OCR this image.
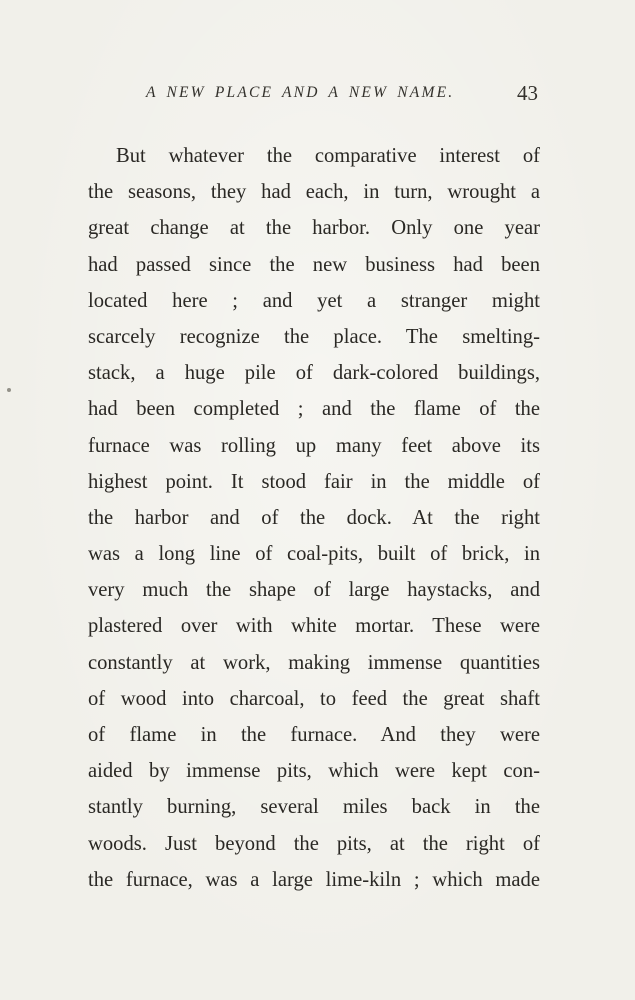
A NEW PLACE AND A NEW NAME.	43
But whatever the comparative interest of
the seasons, they had each, in turn, wrought a
great change at the harbor. Only one year
had passed since the new business had been
located here ; and yet a stranger might
scarcely recognize the place. The smelting-
stack, a huge pile of dark-colored buildings,
had been completed ; and the flame of the
furnace was rolling up many feet above its
highest point. It stood fair in the middle of
the harbor and of the dock. At the right
was a long line of coal-pits, built of brick, in
very much the shape of large haystacks, and
plastered over with white mortar. These were
constantly at work, making immense quantities
of wood into charcoal, to feed the great shaft
of flame in the furnace. And they were
aided by immense pits, which were kept con-
stantly burning, several miles back in the
woods. Just beyond the pits, at the right of
the furnace, was a large lime-kiln ; which made
